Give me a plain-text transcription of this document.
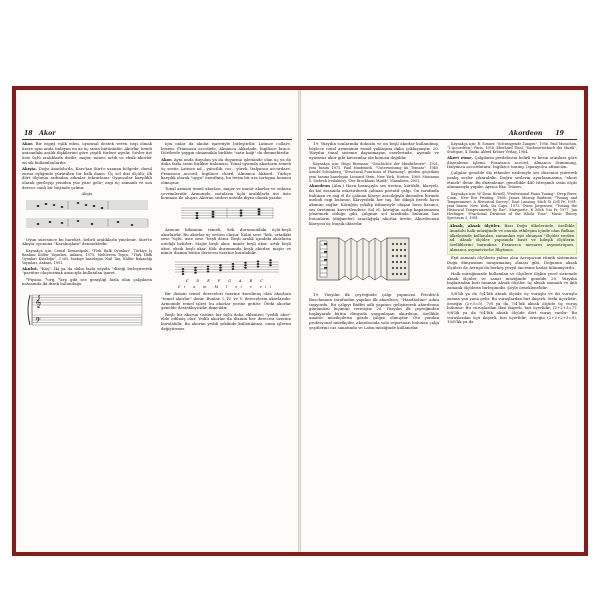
18 Akor

Akor. Bir ezgiyi eşlik eden, uyumsal destek veren ezgi olmak üzere aynı anda tınlayan en az üç sesin bütünüdür. Akorlar, kendi arasındaki aralık ilişkilerine göre çeşitli türlere ayrılır. Sesler üst üste üçlü aralıklarla dizilir; majör, minör, artık ve eksik akorlar en sık kullanılanlardır.

Akışta. Doğu Anadolu'da, Kars'tan Siirt'e uzanan bölgede, davul zurna eşliğinde yürütülen bir halk dansı. Üç sol dizi ölçülü; ilk dört ölçünün ardından adımlar tekrarlanır. Oyuncular karşılıklı olarak gerileyip yeniden yüz yüze gelir; ezgi üç zamanlı ve son derece canlı bir biçimde çalınır.

Akışta

Oyun süresince bu hareket, belirli aralıklarla yinelenir. Siirt'te Akışta oyununa "Karakuşlanı" denmektedir.

Kaynakça için: Cemal Demirsipahi, "Türk Halk Oyunları", Türkiye İş Bankası Kültür Yayınları, Ankara, 1975. Muhterem Topçu, "Türk Halk Oyunları Kataloğu", 3 cilt, baskıya hazırlayan Nail Tan, Kültür Bakanlığı Yayınları, Ankara, 1991.

Akulut. "Kaş". İki ya da daha fazla sayıda "dizeği birleştirerek "partitur oluşturmak amacıyla kullanılan işaret.

*Piyano, *org, *arp gibi ses genişliği fazla olan çalgıların notasında iki dizek bulunduğu

𝄞
𝄢

için onlar da akolat işaretiyle birleştirilir. Latince collare, bezem. Fransızca accolade, Almanca Akkolade, İngilizce brace. Dörtlerde yaygın olmamakla birlikte "satır bağı" da denmektedir.

Akor. Aynı anda duyulan ya da duyurma işleminde olan üç ya da daha fazla sesin birlikte tınlaması. Tonal uyumda akorların temeli üç sestir. Latince ad – yüncilik, cor – yürek. İtalyanca accordare, Fransızca accord, İngilizce chord, Almanca Akkord. Türkçe karşılık olarak "uygu" önerilmiş, bu terim bir ara tartışma konusu olmuştur.

Tonal armoni temel akorları, majör ve minör akorlar ve onların çevrimleridir. Armonide, notaların üçlü aralıklarla üst üste konması ile oluşur. Akorun sesleri notada diyez olarak yazılır:

Armoni biliminin temeli, kök durumundaki üçlü-beşli akorlardır. Bu akorlar üç sesten oluşur. Kalın sese "kök, ortadaki sese "üçlü, üste sese "beşli denir. Beşli aralık içindeki akorların niteliği belirler: Majör beşli akor, minör beşli akor, artık beşli akor, eksik beşli akor. Kök durumunda beşli akorlar, majör ve minör dizinin bütün derecesi üzerine kurulabilir.

C D E F G A B C
Ci a m M l vi v vii

Bir dizinin temel dereceleri üzerine kurulmuş olan akorlara "temel akorlar" denir. Bunlar, I, IV. ve V. derecelerin akorlarıdır. Armonide temel işlevi bu akorlar yerine getirir. Öteki akorlar genelde destekleyicidir, ikincildir.

Beşli bir akorun üstüne bir üçlü daha eklenirse "yedili akor" elde edilmiş olur. Yedili akorlar da dizinin her derecesi üzerine kurulabilir. Bu akorun yedili şeklinde kullanılması, onun işlevini değiştirmez.

Akordeon 19

19. Yüzyılın sonlarında dokuzlu ve on beşli akorlar kullanılmış, böylece tonal armoninin temel yaklaşımı daha çoklaşmıştır. 20. Yüzyılın tonal sisteme dayanmayan eserlerinde, ayrımlı ve uyumsuz akor gibi kavramlar ele konusu değildir.

Kaynakça için: Hugo Riemann, "Geschichte der Musiktheorie", 1921, yeni basım 1971. Paul Hindemith, "Unterweisung im Tonsatz", 1940. Arnold Schönberg, "Structural Functions of Harmony", gözden geçirilmiş yeni basımı hazırlayan Leonard Stein, New York, Norton, 1969. Marianna S. Siebeck (redaktör), "Der Brockhaus Musik", Mannheim, 2001.

Akordeon (Alm.) Hava basınçıyla ses üreten, körüklü, klavyeli, iki kol arasında esketirilerek çalınan portatif çalgı. Ön tarafında bulunan ve sağ el ile çalınan klavye aracılığıyla ikisinden birinde melodi ezgi bulunur. Klavyedeki her tuş, bir dikişli iterek hava akımını sağlar. Körüğün çekilip itilmesiyle oluşan hava basıncı, ses üretimini kuvvetlendirir. Sol el, körüğün açılıp kapanmasını yönetmek olduğu gibi, çalgının sol tarafında bulunan bas butonların (düğmeler) aracılığıyla akorlar üretir. Akordeonun klavyesi üç buçuk oktavdır.

19. Yüzyılın ilk çeyreğinde çalgı yapımcısı Friedrich Buschmann tarafından yapılan ilk akordeon, "Handäoline" adını taşıyordu. Bu çalgıyı Buffet adlı yapımcı geliştirerek akordeona günümüzü biçimini vermiştir. 20. Yüzyılın ilk çeyreğinden başlayarak bütün dünyada yaygınlaşan akordeon, özellikle amatör müzikçilerin gözde çalgısı olmuştur. Öte yandan profesyonel müzikçiler, akordeonda sola repertuarı bulunan çalgı çeşitlerini caz sanatında ve Latin müziğinde kullanırlar.

Kaynakça için: R. Sonner, "Schwingende Zungen", 1956. Paul Monichon, "L'Accordéon", Paris, 1958. Eberhard Thiel, "Sachwörterbuch der Musik", Stuttgart, 4. Baskı, Alfred Kröner Verlag, 1984.

Akort etme. Çalgıların perdelerini belirli ve kesin oranlara göre düzenleme işlemi. Fransızca accord, Almanca Stimmung, İtalyanca accordatura, İngilizce tuning, İspanyolca afinación.

Çalgılar genelde diş etkenler nedeniyle ses düzenini yitirerek yanlış sesler çıkarabilir. Doğru seslerin ayarlanmasına "akort etmek" denir. Bu düzenleme, genellikle 440 titreşimli sesin ölçüt alınmasıyla yapılır. Ayrıca bkz. Düzen.

Kaynakça için: W. Dean Howell, "Professional Piano Tuning", Deep River, Conn., New Era Printing, 1966. James Murray Barbour, "Tuning and Temperament: A Historical Survey", East Lansing, Mich St Coll Pr, 1951, yeni basım: New York, Da Capo, 1972. Owen Jorgensen, "Tuning the Historical Temperaments by Ear", Marquette, N Mich Uni Pr, 1977. Jan Herlinger, "Fractional Divisions of the Whole Tone", Music Theory Spectrum 3, 1981.

Aksak, aksak ölçüler. Bazı Doğu ülkelerinde, özellikle Anadolu halk müziğinde ve onunla etkileşim içinde olan Balkan ülkelerinde kullanılan, zamanları eşit olmayan "ölçüler verilen ad. Aksak ölçüler, yapısında basit ve bileşik ölçülerin özelliklerini barındırır. Fransızca mesures asymetriques, Almanca asymetrische Rhytmus.

Eşit zamanlı ölçülerin yalnız olan Avrupa'nın ritmik sisteminin Doğu dünyasının tanıyamamış olması gibi, Doğunun aksak ölçüleri de Avrupa'da herkeş yüzyıl öncesine kadar bilinmiyordu.

Halk müziğimizde kullanılan ve ölçülere ilişkin yerel sistemde aksak ölçüler ve sanat müziğinde genelde 20. Yüzyılın başlarından beri tanınan Aksak ölçüler, üç aksak zamanlı ve ikili zamanlı ölçülerin birleşimidir. Şöyle örneklenebilir:

5/8'lik ya da 5/4'lük aksak ölçüde üç vuruşlu ve iki vuruşlu zaman yan yana gelir. Bu vuruşlardan biri ikişerli, öteki üçerlidir; örneğin (2+3=5). 7/8 ya da 7/4'lük aksak ölçüde üç vuruş bulunur: Bu vuruşlardan ikisi ikişerli, biri üçerlidir; (2+2+3=7). 9/8'lik ya da 9/4'lük aksak ölçüde dört vuruş vardır: Bu vuruşlardan üçü ikişerli, biri üçerlidir; örneğin (2+2+2+3=9). 10/8'lik ya da
